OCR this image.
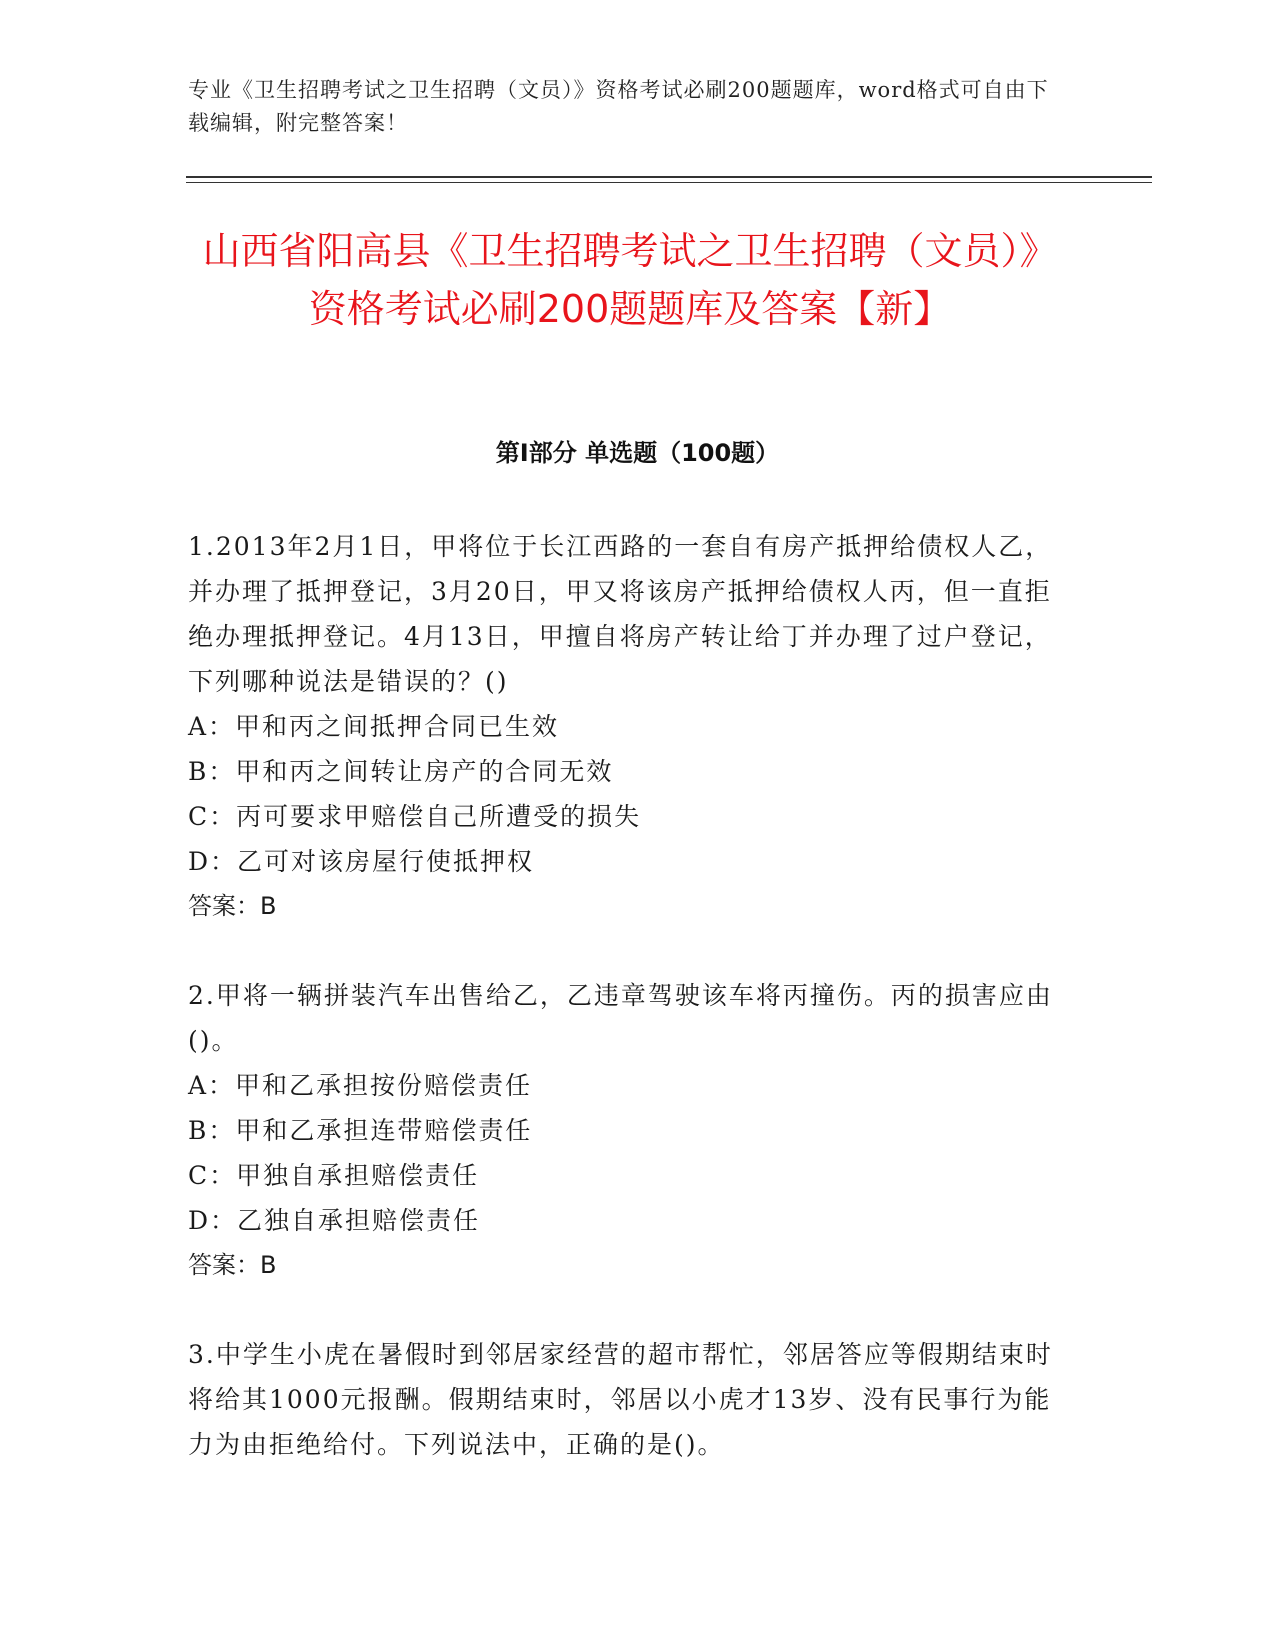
专业《卫生招聘考试之卫生招聘（文员）》资格考试必刷200题题库，word格式可自由下载编辑，附完整答案！
山西省阳高县《卫生招聘考试之卫生招聘（文员）》资格考试必刷200题题库及答案【新】
第I部分 单选题（100题）

1.2013年2月1日，甲将位于长江西路的一套自有房产抵押给债权人乙，并办理了抵押登记，3月20日，甲又将该房产抵押给债权人丙，但一直拒绝办理抵押登记。4月13日，甲擅自将房产转让给丁并办理了过户登记，下列哪种说法是错误的？()

A：甲和丙之间抵押合同已生效

B：甲和丙之间转让房产的合同无效

C：丙可要求甲赔偿自己所遭受的损失

D：乙可对该房屋行使抵押权

答案：B

2.甲将一辆拼装汽车出售给乙，乙违章驾驶该车将丙撞伤。丙的损害应由()。

A：甲和乙承担按份赔偿责任

B：甲和乙承担连带赔偿责任

C：甲独自承担赔偿责任

D：乙独自承担赔偿责任

答案：B

3.中学生小虎在暑假时到邻居家经营的超市帮忙，邻居答应等假期结束时将给其1000元报酬。假期结束时，邻居以小虎才13岁、没有民事行为能力为由拒绝给付。下列说法中，正确的是()。
